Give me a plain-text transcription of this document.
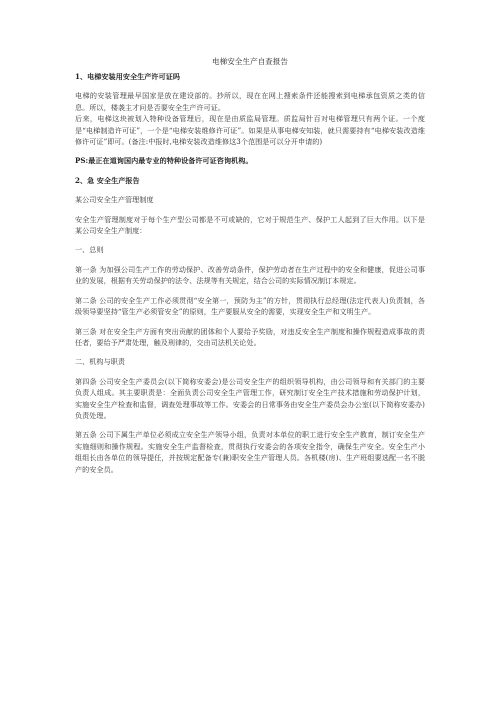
电梯安全生产自查报告

1、电梯安装用安全生产许可证吗

电梯的安装管理最早国家是放在建设部的。抄所以，现在在网上搜索条件还能搜索到电梯承包资质之类的信息。所以，楼袭主才问是否要安全生产许可证。

后来，电梯这块被划入特种设备管理后，现在是由质监局管理。质监局针百对电梯管理只有两个证。一个度是“电梯制造许可证”，一个是“电梯安装维修许可证”。如果是从事电梯安知装，就只需要持有“电梯安装改造维修许可证”即可。(备注:中报时,电梯安装改造维修这3个范围是可以分开申请的)

PS:最正在道询国内最专业的特种设备许可证咨询机构。

2、急 安全生产报告

某公司安全生产管理制度

安全生产管理制度对于每个生产型公司都是不可或缺的，它对于规范生产、保护工人起到了巨大作用。以下是某公司安全生产制度：

一、总则

第一条 为加强公司生产工作的劳动保护、改善劳动条件，保护劳动者在生产过程中的安全和健康，促进公司事业的发展，根据有关劳动保护的法令、法规等有关规定，结合公司的实际情况制订本规定。

第二条 公司的安全生产工作必须贯彻“安全第一，预防为主”的方针，贯彻执行总经理(法定代表人)负责制，各级领导要坚持“管生产必须管安全”的原则，生产要服从安全的需要，实现安全生产和文明生产。

第三条 对在安全生产方面有突出贡献的团体和个人要给予奖励，对违反安全生产制度和操作规程造成事故的责任者，要给予严肃处理，触及刑律的，交由司法机关论处。

二、机构与职责

第四条 公司安全生产委员会(以下简称安委会)是公司安全生产的组织领导机构，由公司领导和有关部门的主要负责人组成。其主要职责是：全面负责公司安全生产管理工作，研究制订安全生产技术措施和劳动保护计划，实施安全生产检查和监督，调查处理事故等工作。安委会的日常事务由安全生产委员会办公室(以下简称安委办)负责处理。

第五条 公司下属生产单位必须成立安全生产领导小组，负责对本单位的职工进行安全生产教育，制订安全生产实施细则和操作规程。实施安全生产监督检查，贯彻执行安委会的各项安全指令，确保生产安全。安全生产小组组长由各单位的领导提任，并按规定配备专(兼)职安全生产管理人员。各机楼(房)、生产班组要选配一名不脱产的安全员。
